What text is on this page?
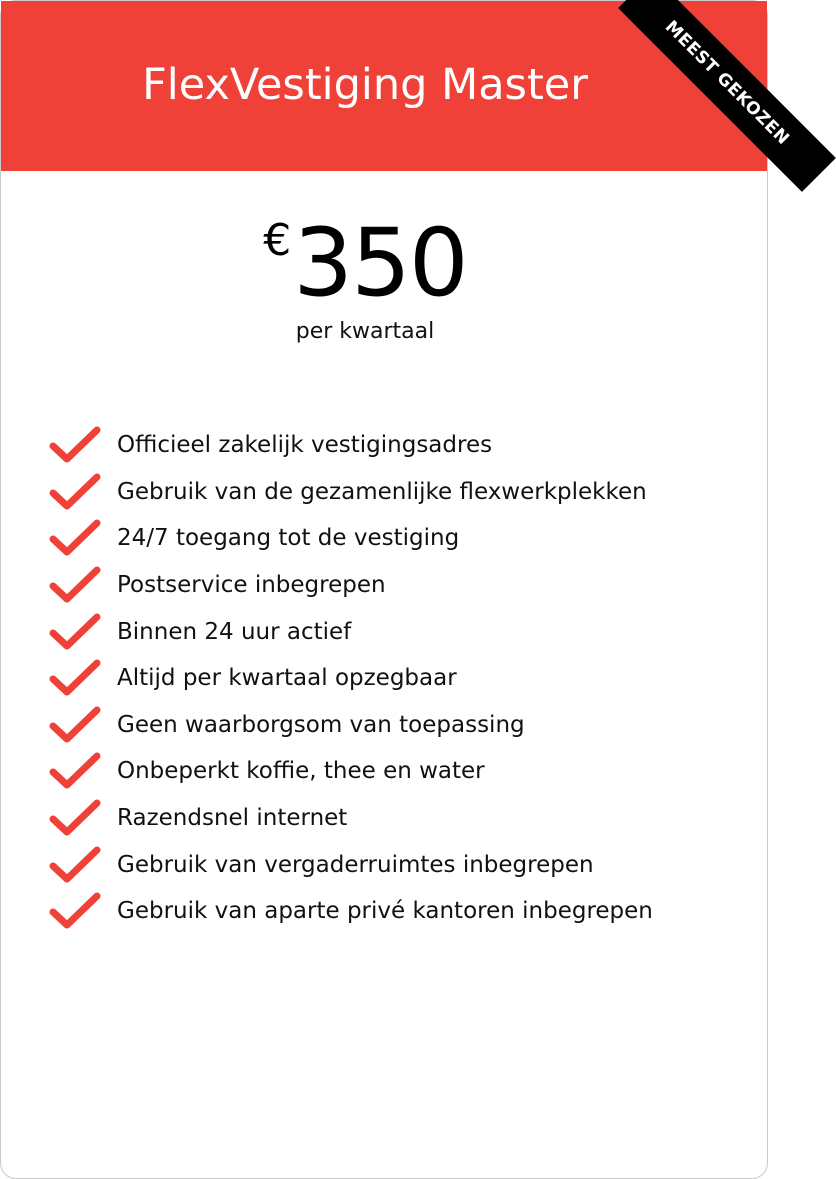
FlexVestiging Master	MEEST GEKOZEN
€350
per kwartaal
Officieel zakelijk vestigingsadres
Gebruik van de gezamenlijke flexwerkplekken
24/7 toegang tot de vestiging
Postservice inbegrepen
Binnen 24 uur actief
Altijd per kwartaal opzegbaar
Geen waarborgsom van toepassing
Onbeperkt koffie, thee en water
Razendsnel internet
Gebruik van vergaderruimtes inbegrepen
Gebruik van aparte privé kantoren inbegrepen
